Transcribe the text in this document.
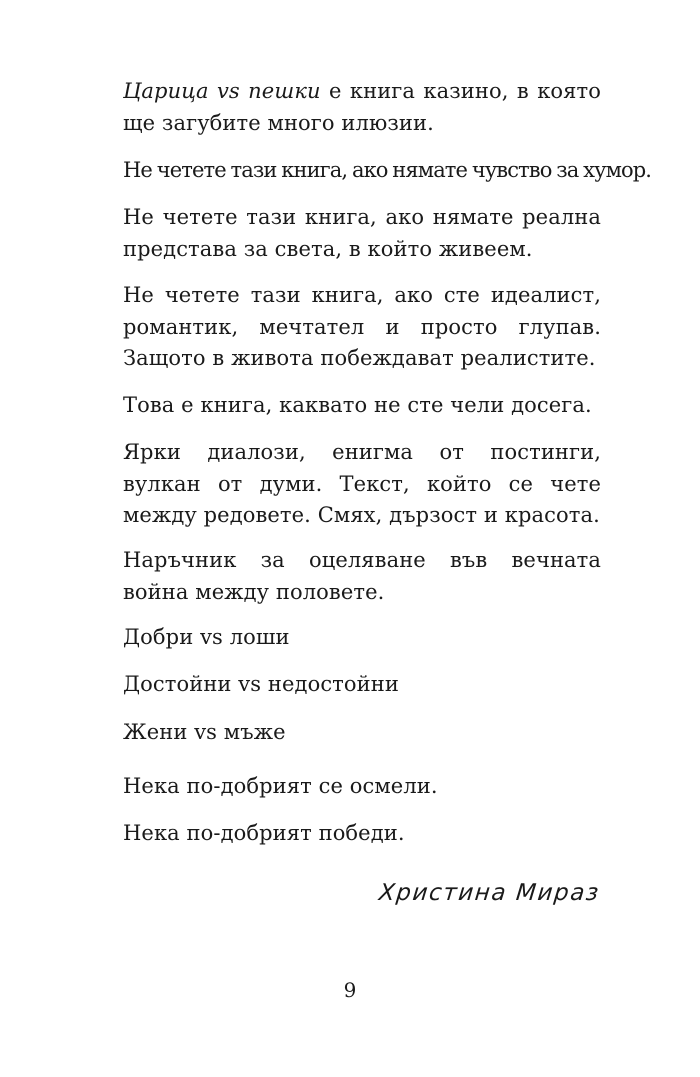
Царица vs пешки е книга казино, в която ще загубите много илюзии.

Не четете тази книга, ако нямате чувство за хумор.

Не четете тази книга, ако нямате реална представа за света, в който живеем.

Не четете тази книга, ако сте идеалист, романтик, мечтател и просто глупав. Защото в живота побеждават реалистите.

Това е книга, каквато не сте чели досега.

Ярки диалози, енигма от постинги, вулкан от думи. Текст, който се чете между редовете. Смях, дързост и красота.

Наръчник за оцеляване във вечната война между половете.

Добри vs лоши

Достойни vs недостойни

Жени vs мъже

Нека по-добрият се осмели.

Нека по-добрият победи.

Христина Мираз
9
